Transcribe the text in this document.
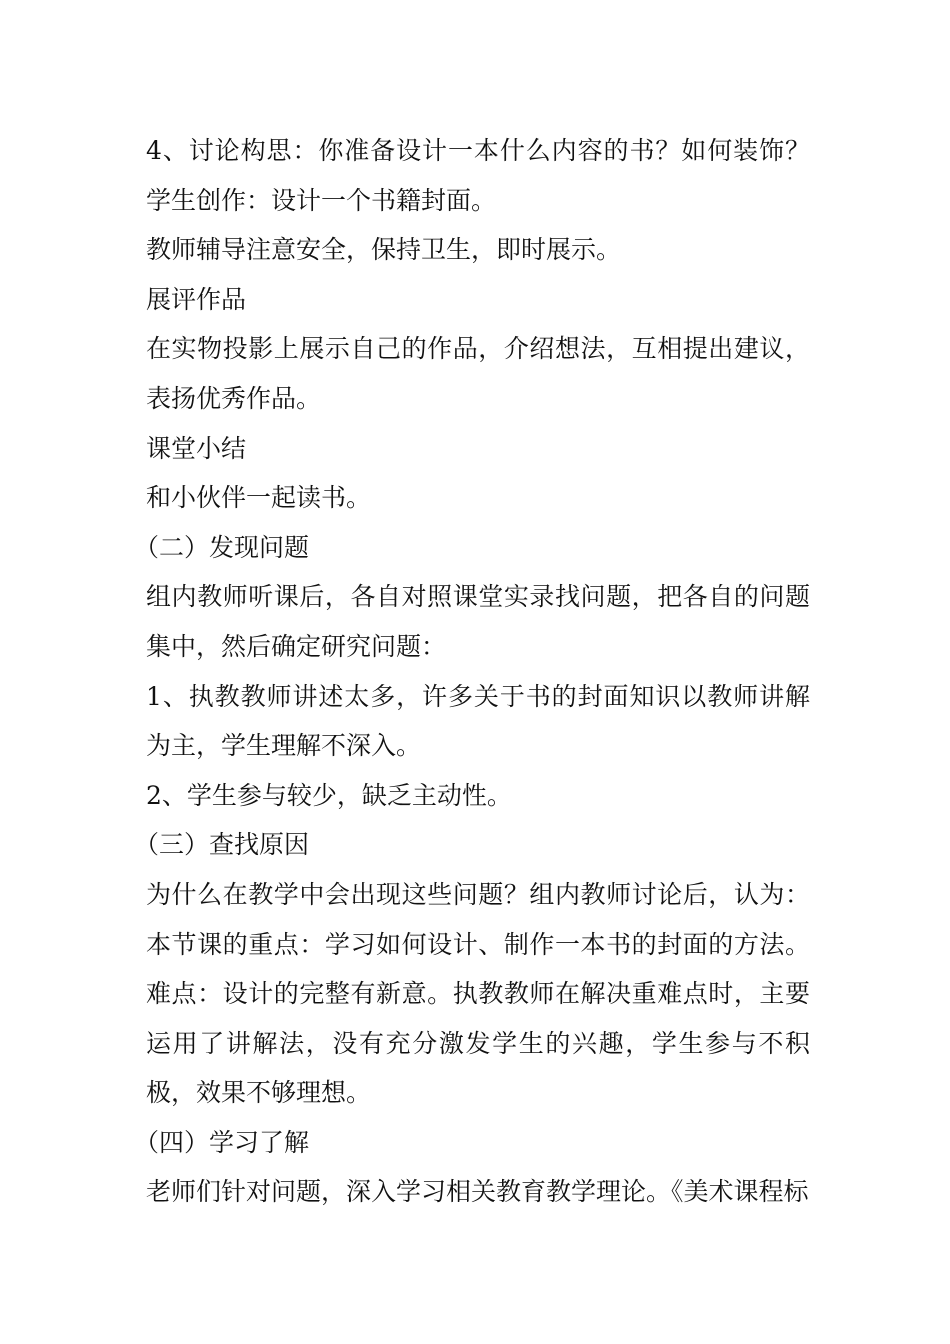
4、讨论构思：你准备设计一本什么内容的书？如何装饰？学生创作：设计一个书籍封面。

教师辅导注意安全，保持卫生，即时展示。

展评作品

在实物投影上展示自己的作品，介绍想法，互相提出建议，表扬优秀作品。

课堂小结

和小伙伴一起读书。

（二）发现问题

组内教师听课后，各自对照课堂实录找问题，把各自的问题集中，然后确定研究问题：

1、执教教师讲述太多，许多关于书的封面知识以教师讲解为主，学生理解不深入。

2、学生参与较少，缺乏主动性。

（三）查找原因

为什么在教学中会出现这些问题？组内教师讨论后，认为：本节课的重点：学习如何设计、制作一本书的封面的方法。难点：设计的完整有新意。执教教师在解决重难点时，主要运用了讲解法，没有充分激发学生的兴趣，学生参与不积极，效果不够理想。

（四）学习了解

老师们针对问题，深入学习相关教育教学理论。《美术课程标
